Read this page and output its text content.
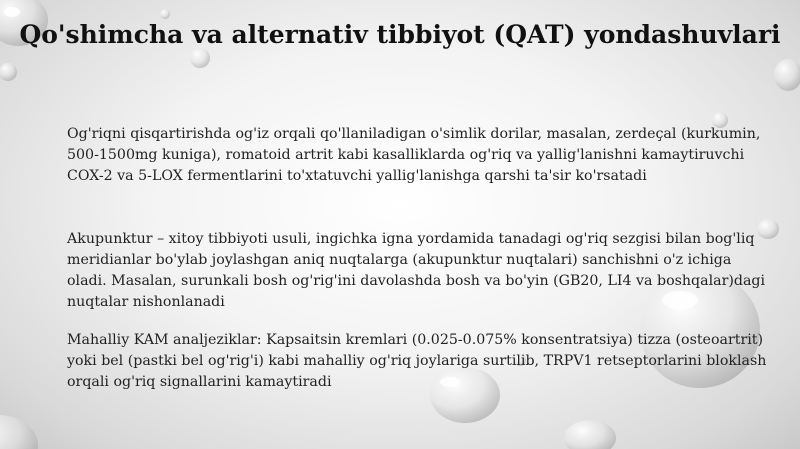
Qo'shimcha va alternativ tibbiyot (QAT) yondashuvlari
Og'riqni qisqartirishda og'iz orqali qo'llaniladigan o'simlik dorilar, masalan, zerdeçal (kurkumin, 500-1500mg kuniga), romatoid artrit kabi kasalliklarda og'riq va yallig'lanishni kamaytiruvchi COX-2 va 5-LOX fermentlarini to'xtatuvchi yallig'lanishga qarshi ta'sir ko'rsatadi
Akupunktur – xitoy tibbiyoti usuli, ingichka igna yordamida tanadagi og'riq sezgisi bilan bog'liq meridianlar bo'ylab joylashgan aniq nuqtalarga (akupunktur nuqtalari) sanchishni o'z ichiga oladi. Masalan, surunkali bosh og'rig'ini davolashda bosh va bo'yin (GB20, LI4 va boshqalar)dagi nuqtalar nishonlanadi
Mahalliy KAM analjeziklar: Kapsaitsin kremlari (0.025-0.075% konsentratsiya) tizza (osteoartrit) yoki bel (pastki bel og'rig'i) kabi mahalliy og'riq joylariga surtilib, TRPV1 retseptorlarini bloklash orqali og'riq signallarini kamaytiradi
